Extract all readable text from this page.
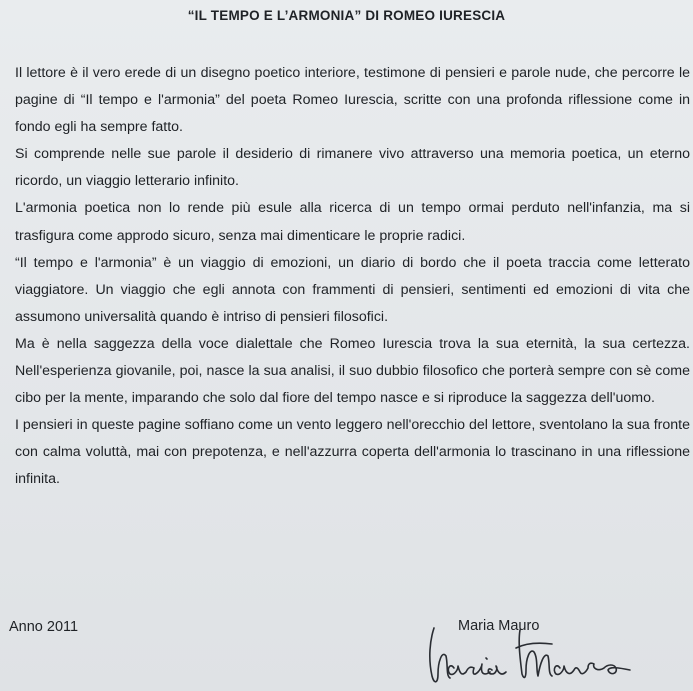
“IL TEMPO E L’ARMONIA” DI ROMEO IURESCIA

Il lettore è il vero erede di un disegno poetico interiore, testimone di pensieri e parole nude, che percorre le pagine di “Il tempo e l'armonia” del poeta Romeo Iurescia, scritte con una profonda riflessione come in fondo egli ha sempre fatto.

Si comprende nelle sue parole il desiderio di rimanere vivo attraverso una memoria poetica, un eterno ricordo, un viaggio letterario infinito.

L'armonia poetica non lo rende più esule alla ricerca di un tempo ormai perduto nell'infanzia, ma si trasfigura come approdo sicuro, senza mai dimenticare le proprie radici.

“Il tempo e l'armonia” è un viaggio di emozioni, un diario di bordo che il poeta traccia come letterato viaggiatore. Un viaggio che egli annota con frammenti di pensieri, sentimenti ed emozioni di vita che assumono universalità quando è intriso di pensieri filosofici.

Ma è nella saggezza della voce dialettale che Romeo Iurescia trova la sua eternità, la sua certezza. Nell'esperienza giovanile, poi, nasce la sua analisi, il suo dubbio filosofico che porterà sempre con sè come cibo per la mente, imparando che solo dal fiore del tempo nasce e si riproduce la saggezza dell'uomo.

I pensieri in queste pagine soffiano come un vento leggero nell'orecchio del lettore, sventolano la sua fronte con calma voluttà, mai con prepotenza, e nell'azzurra coperta dell'armonia lo trascinano in una riflessione infinita.

Anno 2011	Maria Mauro
